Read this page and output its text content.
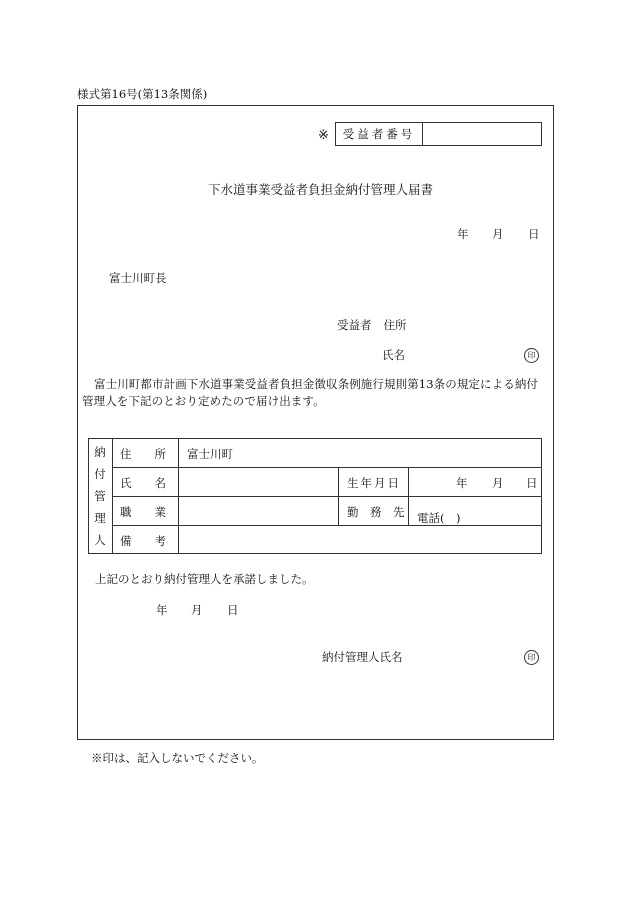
様式第16号(第13条関係)
※	受益者番号
下水道事業受益者負担金納付管理人届書
年 月 日
富士川町長
受益者 住所
氏名	印
富士川町都市計画下水道事業受益者負担金徴収条例施行規則第13条の規定による納付管理人を下記のとおり定めたので届け出ます。
納
付
管
理
人
住　　所 富士川町
氏　　名	生年月日	年 月 日
職　　業	勤　務　先 電話(　)
備　　考
上記のとおり納付管理人を承諾しました。
年 月 日
納付管理人氏名	印
※印は、記入しないでください。
